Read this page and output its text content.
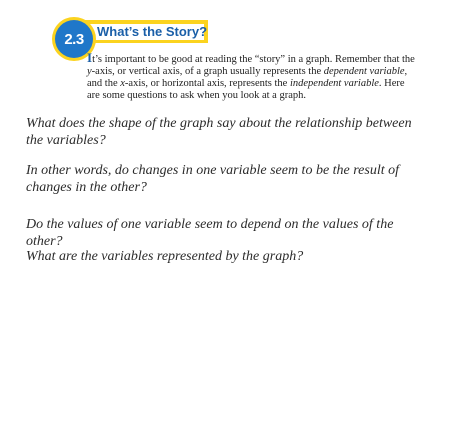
2.3 What’s the Story?

It’s important to be good at reading the “story” in a graph. Remember that the y-axis, or vertical axis, of a graph usually represents the dependent variable, and the x-axis, or horizontal axis, represents the independent variable. Here are some questions to ask when you look at a graph.

What does the shape of the graph say about the relationship between the variables?

In other words, do changes in one variable seem to be the result of changes in the other?

Do the values of one variable seem to depend on the values of the other?

What are the variables represented by the graph?
